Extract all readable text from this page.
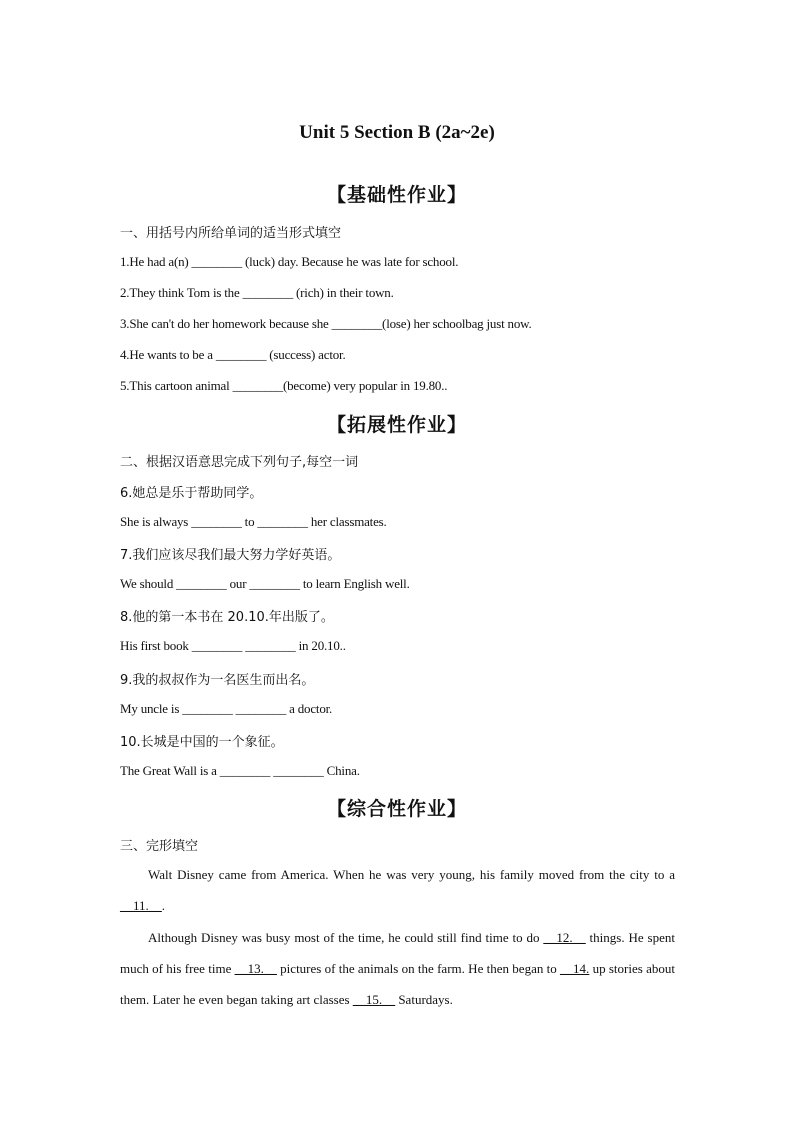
Unit 5 Section B (2a~2e)
【基础性作业】
一、用括号内所给单词的适当形式填空
1.He had a(n) ________ (luck) day. Because he was late for school.
2.They think Tom is the ________ (rich) in their town.
3.She can't do her homework because she ________(lose) her schoolbag just now.
4.He wants to be a ________ (success) actor.
5.This cartoon animal ________(become) very popular in 19.80..
【拓展性作业】
二、根据汉语意思完成下列句子,每空一词
6.她总是乐于帮助同学。
She is always ________ to ________ her classmates.
7.我们应该尽我们最大努力学好英语。
We should ________ our ________ to learn English well.
8.他的第一本书在 20.10.年出版了。
His first book ________ ________ in 20.10..
9.我的叔叔作为一名医生而出名。
My uncle is ________ ________ a doctor.
10.长城是中国的一个象征。
The Great Wall is a ________ ________ China.
【综合性作业】
三、完形填空
Walt Disney came from America. When he was very young, his family moved from the city to a __11.__.
Although Disney was busy most of the time, he could still find time to do __12.__ things. He spent much of his free time __13.__ pictures of the animals on the farm. He then began to __14. up stories about them. Later he even began taking art classes __15.__ Saturdays.
